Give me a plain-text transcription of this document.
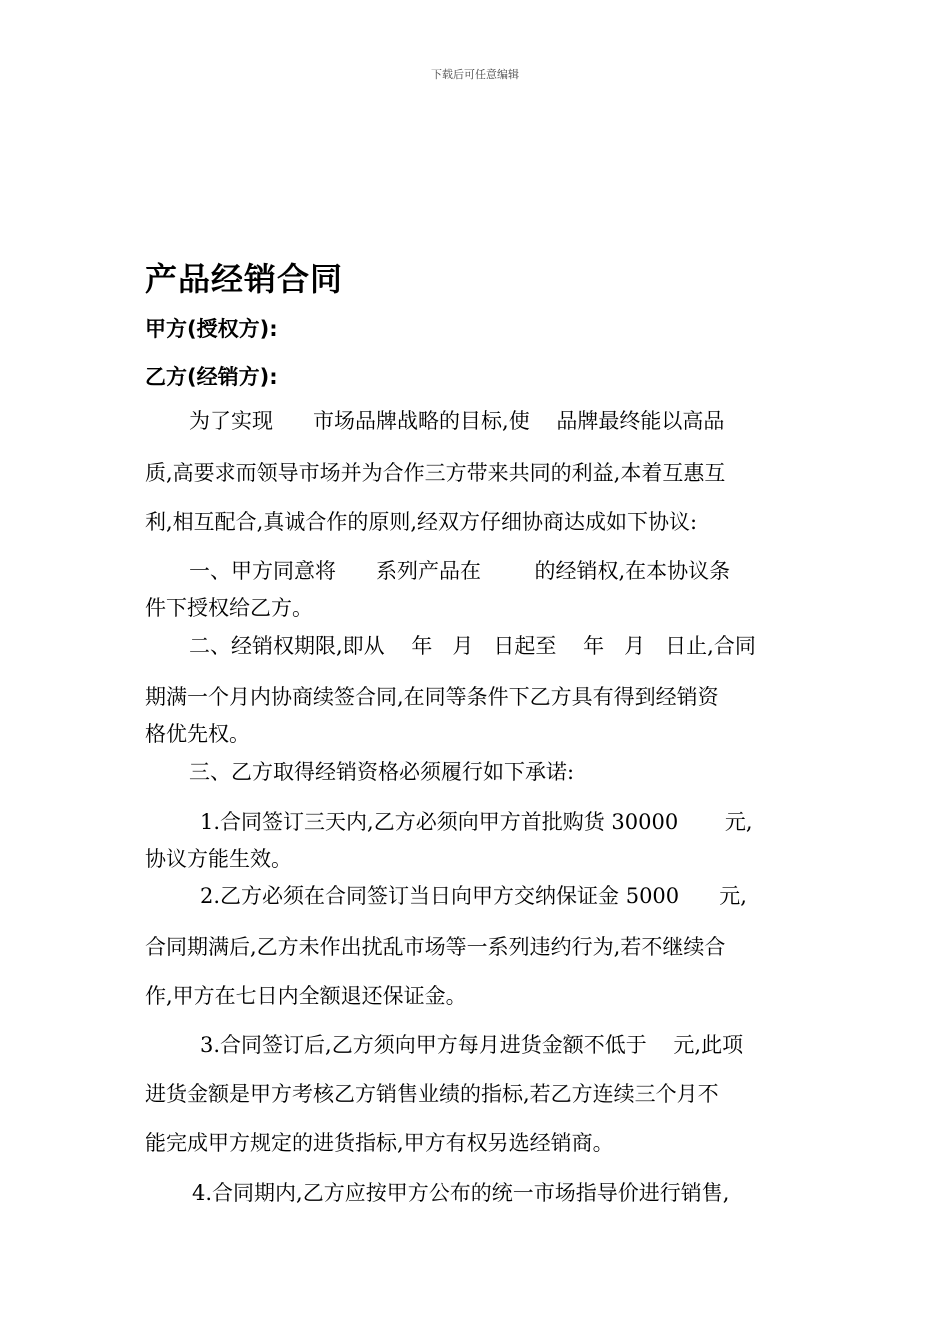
下载后可任意编辑
产品经销合同
甲方(授权方):
乙方(经销方):
为了实现      市场品牌战略的目标,使    品牌最终能以高品
质,高要求而领导市场并为合作三方带来共同的利益,本着互惠互
利,相互配合,真诚合作的原则,经双方仔细协商达成如下协议:
一、甲方同意将      系列产品在        的经销权,在本协议条
件下授权给乙方。
二、经销权期限,即从    年   月   日起至    年   月   日止,合同
期满一个月内协商续签合同,在同等条件下乙方具有得到经销资
格优先权。
三、乙方取得经销资格必须履行如下承诺:
1.合同签订三天内,乙方必须向甲方首批购货 30000       元,
协议方能生效。
2.乙方必须在合同签订当日向甲方交纳保证金 5000      元,
合同期满后,乙方未作出扰乱市场等一系列违约行为,若不继续合
作,甲方在七日内全额退还保证金。
3.合同签订后,乙方须向甲方每月进货金额不低于    元,此项
进货金额是甲方考核乙方销售业绩的指标,若乙方连续三个月不
能完成甲方规定的进货指标,甲方有权另选经销商。
4.合同期内,乙方应按甲方公布的统一市场指导价进行销售,
